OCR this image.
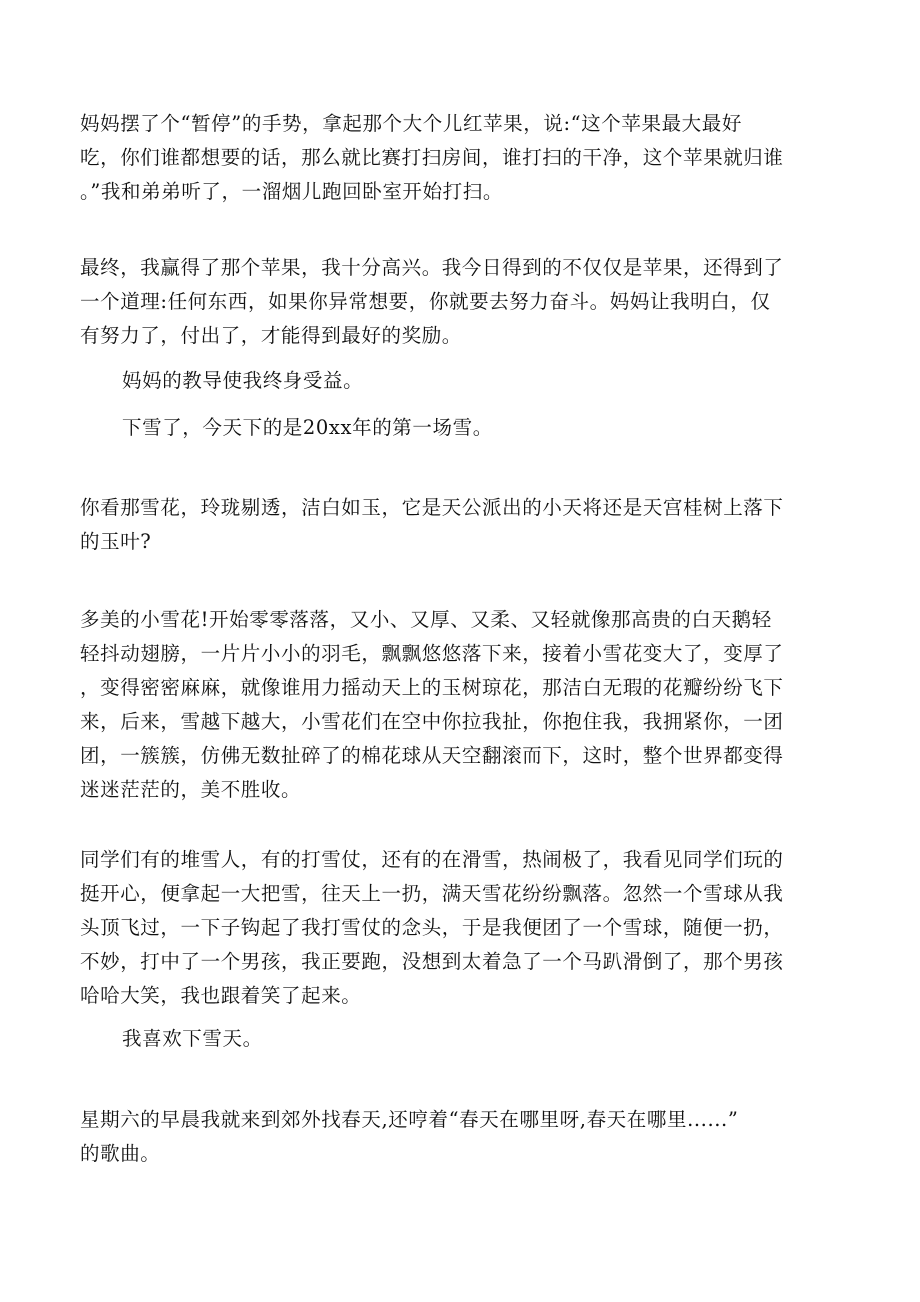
妈妈摆了个“暂停”的手势，拿起那个大个儿红苹果，说:“这个苹果最大最好
吃，你们谁都想要的话，那么就比赛打扫房间，谁打扫的干净，这个苹果就归谁
。”我和弟弟听了，一溜烟儿跑回卧室开始打扫。

最终，我赢得了那个苹果，我十分高兴。我今日得到的不仅仅是苹果，还得到了
一个道理:任何东西，如果你异常想要，你就要去努力奋斗。妈妈让我明白，仅
有努力了，付出了，才能得到最好的奖励。

妈妈的教导使我终身受益。

下雪了，今天下的是20xx年的第一场雪。

你看那雪花，玲珑剔透，洁白如玉，它是天公派出的小天将还是天宫桂树上落下
的玉叶?

多美的小雪花!开始零零落落，又小、又厚、又柔、又轻就像那高贵的白天鹅轻
轻抖动翅膀，一片片小小的羽毛，飘飘悠悠落下来，接着小雪花变大了，变厚了
，变得密密麻麻，就像谁用力摇动天上的玉树琼花，那洁白无瑕的花瓣纷纷飞下
来，后来，雪越下越大，小雪花们在空中你拉我扯，你抱住我，我拥紧你，一团
团，一簇簇，仿佛无数扯碎了的棉花球从天空翻滚而下，这时，整个世界都变得
迷迷茫茫的，美不胜收。

同学们有的堆雪人，有的打雪仗，还有的在滑雪，热闹极了，我看见同学们玩的
挺开心，便拿起一大把雪，往天上一扔，满天雪花纷纷飘落。忽然一个雪球从我
头顶飞过，一下子钩起了我打雪仗的念头，于是我便团了一个雪球，随便一扔，
不妙，打中了一个男孩，我正要跑，没想到太着急了一个马趴滑倒了，那个男孩
哈哈大笑，我也跟着笑了起来。

我喜欢下雪天。

星期六的早晨我就来到郊外找春天,还哼着“春天在哪里呀,春天在哪里......”
的歌曲。
